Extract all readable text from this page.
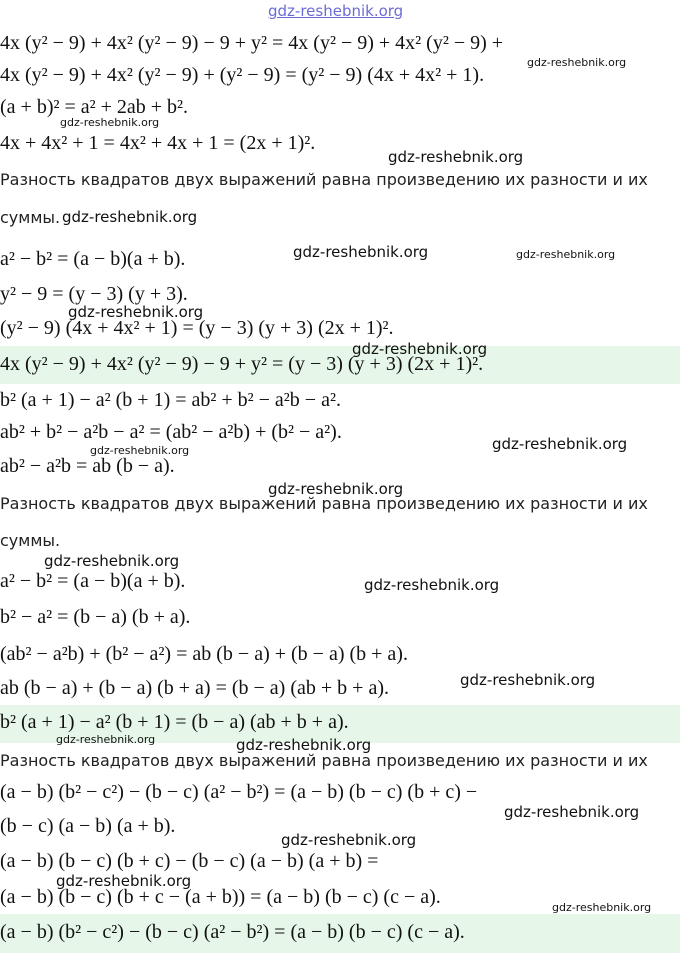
4x (y² − 9) + 4x² (y² − 9) − 9 + y² = 4x (y² − 9) + 4x² (y² − 9) +
4x (y² − 9) + 4x² (y² − 9) + (y² − 9) = (y² − 9) (4x + 4x² + 1).
(a + b)² = a² + 2ab + b².
4x + 4x² + 1 = 4x² + 4x + 1 = (2x + 1)².
Разность квадратов двух выражений равна произведению их разности и их
суммы.
a² − b² = (a − b)(a + b).
y² − 9 = (y − 3) (y + 3).
(y² − 9) (4x + 4x² + 1) = (y − 3) (y + 3) (2x + 1)².
4x (y² − 9) + 4x² (y² − 9) − 9 + y² = (y − 3) (y + 3) (2x + 1)².
b² (a + 1) − a² (b + 1) = ab² + b² − a²b − a².
ab² + b² − a²b − a² = (ab² − a²b) + (b² − a²).
ab² − a²b = ab (b − a).
Разность квадратов двух выражений равна произведению их разности и их
суммы.
a² − b² = (a − b)(a + b).
b² − a² = (b − a) (b + a).
(ab² − a²b) + (b² − a²) = ab (b − a) + (b − a) (b + a).
ab (b − a) + (b − a) (b + a) = (b − a) (ab + b + a).
b² (a + 1) − a² (b + 1) = (b − a) (ab + b + a).
Разность квадратов двух выражений равна произведению их разности и их
(a − b) (b² − c²) − (b − c) (a² − b²) = (a − b) (b − c) (b + c) −
(b − c) (a − b) (a + b).
(a − b) (b − c) (b + c) − (b − c) (a − b) (a + b) =
(a − b) (b − c) (b + c − (a + b)) = (a − b) (b − c) (c − a).
(a − b) (b² − c²) − (b − c) (a² − b²) = (a − b) (b − c) (c − a).
gdz-reshebnik.org
gdz-reshebnik.org
gdz-reshebnik.org
gdz-reshebnik.org
gdz-reshebnik.org
gdz-reshebnik.org	gdz-reshebnik.org
gdz-reshebnik.org
gdz-reshebnik.org
gdz-reshebnik.org
gdz-reshebnik.org
gdz-reshebnik.org
gdz-reshebnik.org
gdz-reshebnik.org
gdz-reshebnik.org
gdz-reshebnik.org	gdz-reshebnik.org
gdz-reshebnik.org
gdz-reshebnik.org
gdz-reshebnik.org
gdz-reshebnik.org
